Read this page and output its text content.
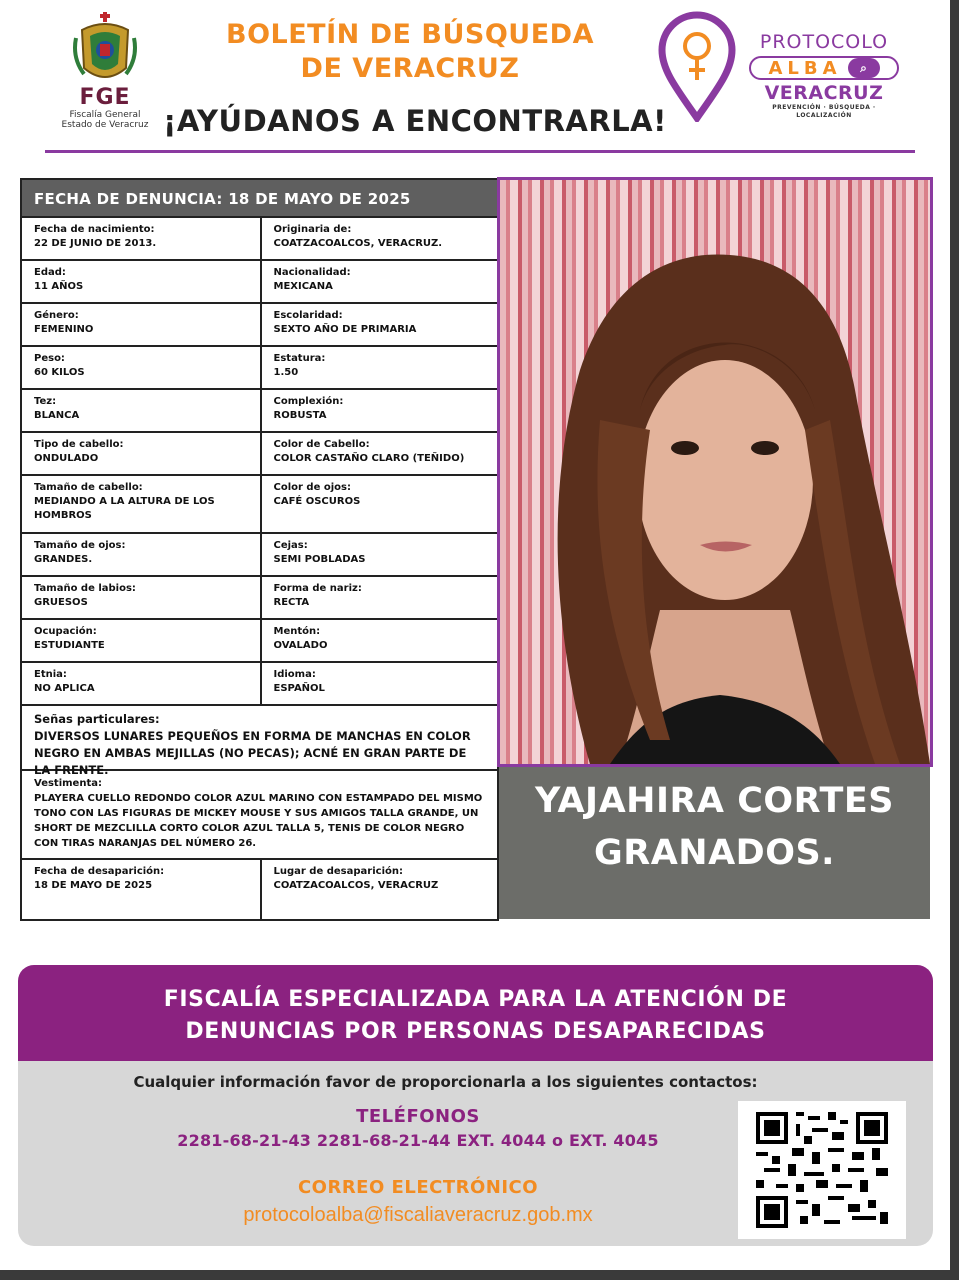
FGE
Fiscalía General
Estado de Veracruz
BOLETÍN DE BÚSQUEDA
DE VERACRUZ
¡AYÚDANOS A ENCONTRARLA!
PROTOCOLO
ALBA	⌕
VERACRUZ
PREVENCIÓN · BÚSQUEDA · LOCALIZACIÓN
FECHA DE DENUNCIA: 18 DE MAYO DE 2025
Fecha de nacimiento:
22 DE JUNIO DE 2013.
Originaria de:
COATZACOALCOS, VERACRUZ.
Edad:
11 AÑOS
Nacionalidad:
MEXICANA
Género:
FEMENINO
Escolaridad:
SEXTO AÑO DE PRIMARIA
Peso:
60 KILOS
Estatura:
1.50
Tez:
BLANCA
Complexión:
ROBUSTA
Tipo de cabello:
ONDULADO
Color de Cabello:
COLOR CASTAÑO CLARO (TEÑIDO)
Tamaño de cabello:
MEDIANDO A LA ALTURA DE LOS HOMBROS
Color de ojos:
CAFÉ OSCUROS
Tamaño de ojos:
GRANDES.
Cejas:
SEMI POBLADAS
Tamaño de labios:
GRUESOS
Forma de nariz:
RECTA
Ocupación:
ESTUDIANTE
Mentón:
OVALADO
Etnia:
NO APLICA
Idioma:
ESPAÑOL
Señas particulares:
DIVERSOS LUNARES PEQUEÑOS EN FORMA DE MANCHAS EN COLOR NEGRO EN AMBAS MEJILLAS (NO PECAS); ACNÉ EN GRAN PARTE DE LA FRENTE.
Vestimenta:
PLAYERA CUELLO REDONDO COLOR AZUL MARINO CON ESTAMPADO DEL MISMO TONO CON LAS FIGURAS DE MICKEY MOUSE Y SUS AMIGOS TALLA GRANDE, UN SHORT DE MEZCLILLA CORTO COLOR AZUL TALLA 5, TENIS DE COLOR NEGRO CON TIRAS NARANJAS DEL NÚMERO 26.
Fecha de desaparición:
18 DE MAYO DE 2025
Lugar de desaparición:
COATZACOALCOS, VERACRUZ
YAJAHIRA CORTES
GRANADOS.
FISCALÍA ESPECIALIZADA PARA LA ATENCIÓN DE
DENUNCIAS POR PERSONAS DESAPARECIDAS
Cualquier información favor de proporcionarla a los siguientes contactos:
TELÉFONOS
2281-68-21-43 2281-68-21-44 EXT. 4044 o EXT. 4045
CORREO ELECTRÓNICO
protocoloalba@fiscaliaveracruz.gob.mx
